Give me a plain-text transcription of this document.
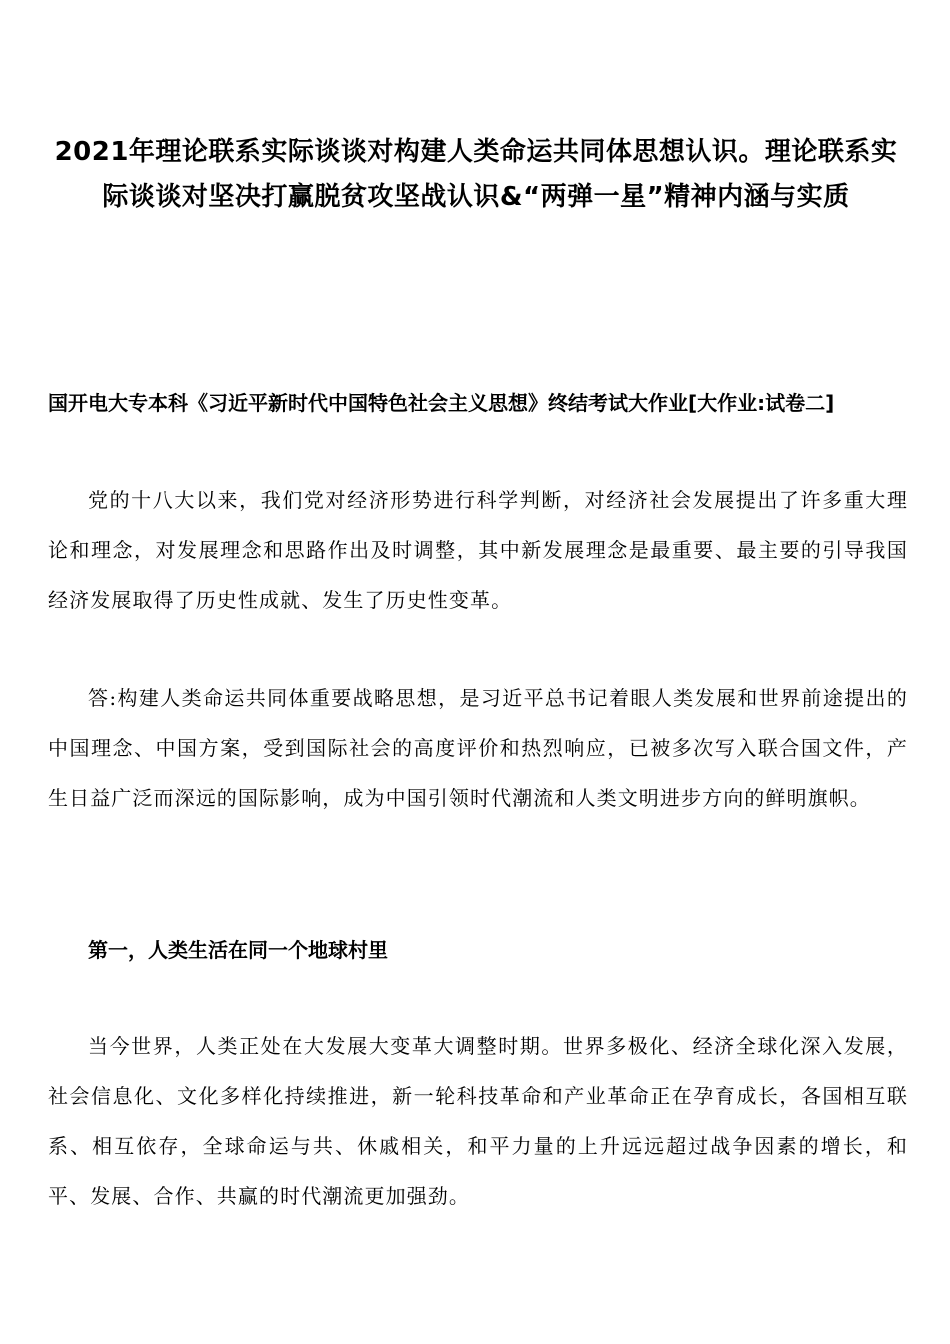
2021年理论联系实际谈谈对构建人类命运共同体思想认识。理论联系实际谈谈对坚决打赢脱贫攻坚战认识&“两弹一星”精神内涵与实质
国开电大专本科《习近平新时代中国特色社会主义思想》终结考试大作业[大作业:试卷二]
党的十八大以来，我们党对经济形势进行科学判断，对经济社会发展提出了许多重大理论和理念，对发展理念和思路作出及时调整，其中新发展理念是最重要、最主要的引导我国经济发展取得了历史性成就、发生了历史性变革。
答:构建人类命运共同体重要战略思想，是习近平总书记着眼人类发展和世界前途提出的中国理念、中国方案，受到国际社会的高度评价和热烈响应，已被多次写入联合国文件，产生日益广泛而深远的国际影响，成为中国引领时代潮流和人类文明进步方向的鲜明旗帜。
第一，人类生活在同一个地球村里
当今世界，人类正处在大发展大变革大调整时期。世界多极化、经济全球化深入发展，社会信息化、文化多样化持续推进，新一轮科技革命和产业革命正在孕育成长，各国相互联系、相互依存，全球命运与共、休戚相关，和平力量的上升远远超过战争因素的增长，和平、发展、合作、共赢的时代潮流更加强劲。
